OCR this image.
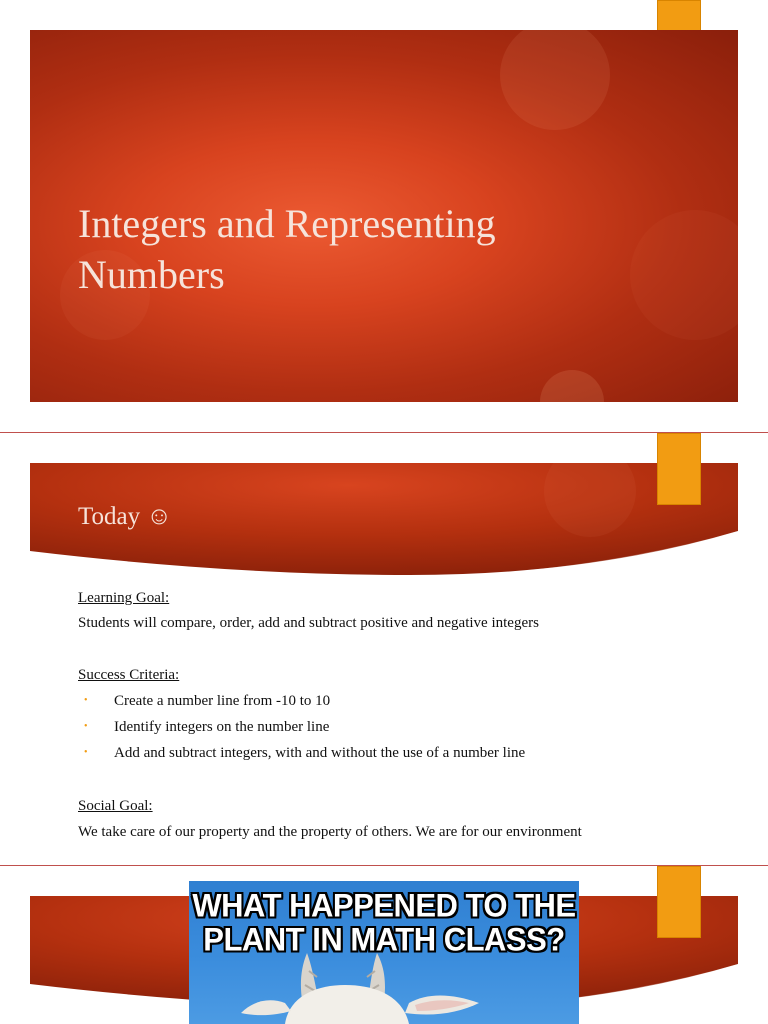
Integers and Representing
Numbers
Today ☺
Learning Goal:
Students will compare, order, add and subtract positive and negative integers
Success Criteria:
• Create a number line from -10 to 10
• Identify integers on the number line
• Add and subtract integers, with and without the use of a number line
Social Goal:
We take care of our property and the property of others. We are for our environment
WHAT HAPPENED TO THE
PLANT IN MATH CLASS?
